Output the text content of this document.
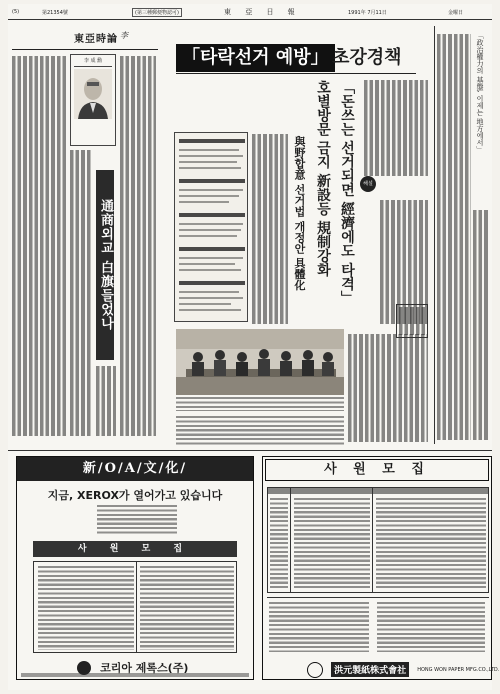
(5)	第21354號	(第三種郵便物認可)	東 亞 日 報	1991年 7月11日	金曜日
東亞時論 李
李 成 勳
通商외교 白旗들었나
「타락선거 예방」 초강경책
「돈쓰는 선거되면 經濟에도 타격」
호별방문 금지 新設등 規制강화
與野합意 선거법 개정안 具體化	해설
「政治權力의 基盤, 이제는 地方에서」
新/O/A/文/化/
지금, XEROX가 열어가고 있습니다
사 원 모 집
코리아 제록스(주)
사 원 모 집
洪元製紙株式會社 HONG WON PAPER MFG.CO.,LTD.
